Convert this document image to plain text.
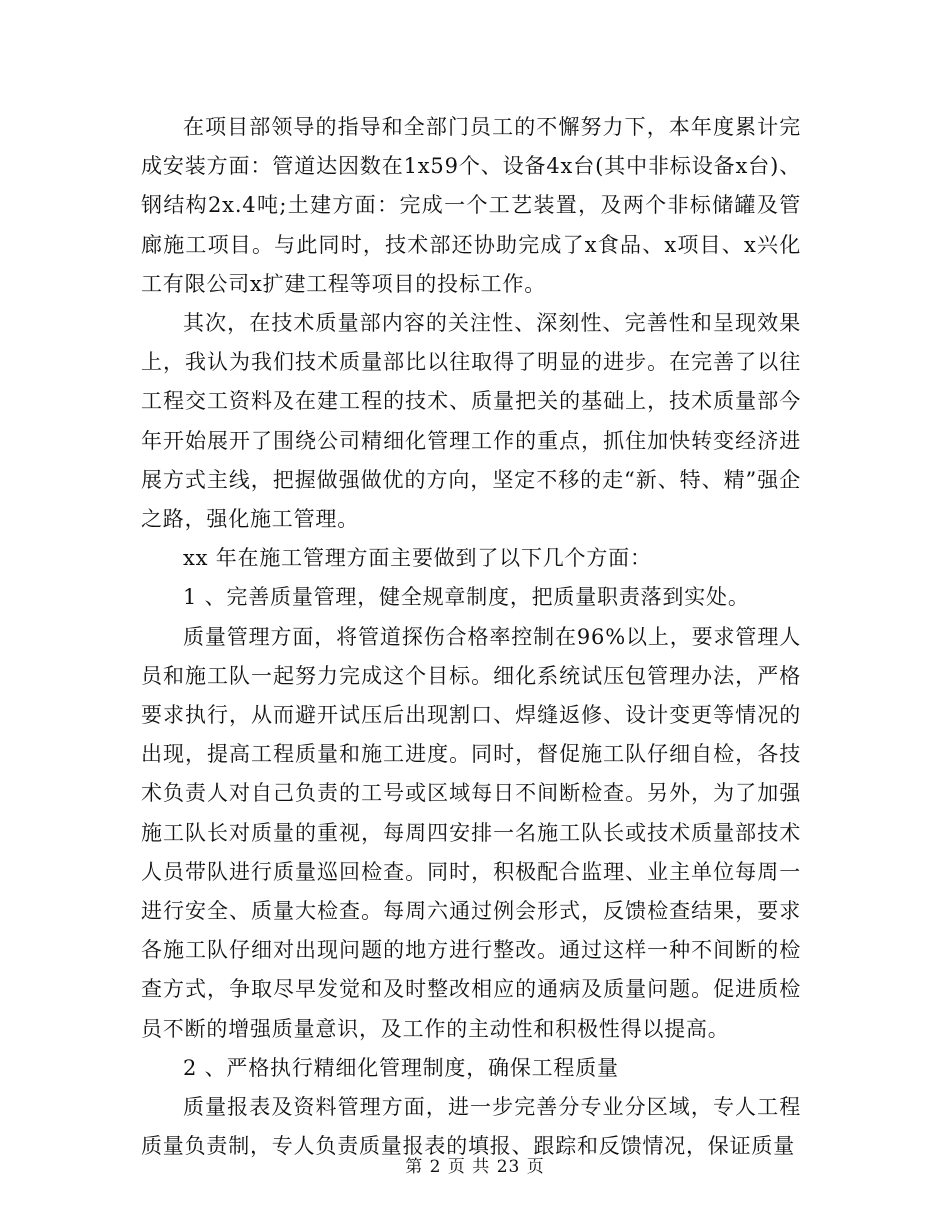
在项目部领导的指导和全部门员工的不懈努力下，本年度累计完成安装方面：管道达因数在1x59个、设备4x台(其中非标设备x台)、钢结构2x.4吨;土建方面：完成一个工艺装置，及两个非标储罐及管廊施工项目。与此同时，技术部还协助完成了x食品、x项目、x兴化工有限公司x扩建工程等项目的投标工作。

其次，在技术质量部内容的关注性、深刻性、完善性和呈现效果上，我认为我们技术质量部比以往取得了明显的进步。在完善了以往工程交工资料及在建工程的技术、质量把关的基础上，技术质量部今年开始展开了围绕公司精细化管理工作的重点，抓住加快转变经济进展方式主线，把握做强做优的方向，坚定不移的走“新、特、精”强企之路，强化施工管理。

xx 年在施工管理方面主要做到了以下几个方面：

1 、完善质量管理，健全规章制度，把质量职责落到实处。

质量管理方面，将管道探伤合格率控制在96%以上，要求管理人员和施工队一起努力完成这个目标。细化系统试压包管理办法，严格要求执行，从而避开试压后出现割口、焊缝返修、设计变更等情况的出现，提高工程质量和施工进度。同时，督促施工队仔细自检，各技术负责人对自己负责的工号或区域每日不间断检查。另外，为了加强施工队长对质量的重视，每周四安排一名施工队长或技术质量部技术人员带队进行质量巡回检查。同时，积极配合监理、业主单位每周一进行安全、质量大检查。每周六通过例会形式，反馈检查结果，要求各施工队仔细对出现问题的地方进行整改。通过这样一种不间断的检查方式，争取尽早发觉和及时整改相应的通病及质量问题。促进质检员不断的增强质量意识，及工作的主动性和积极性得以提高。

2 、严格执行精细化管理制度，确保工程质量

质量报表及资料管理方面，进一步完善分专业分区域，专人工程质量负责制，专人负责质量报表的填报、跟踪和反馈情况，保证质量

第 2 页 共 23 页
